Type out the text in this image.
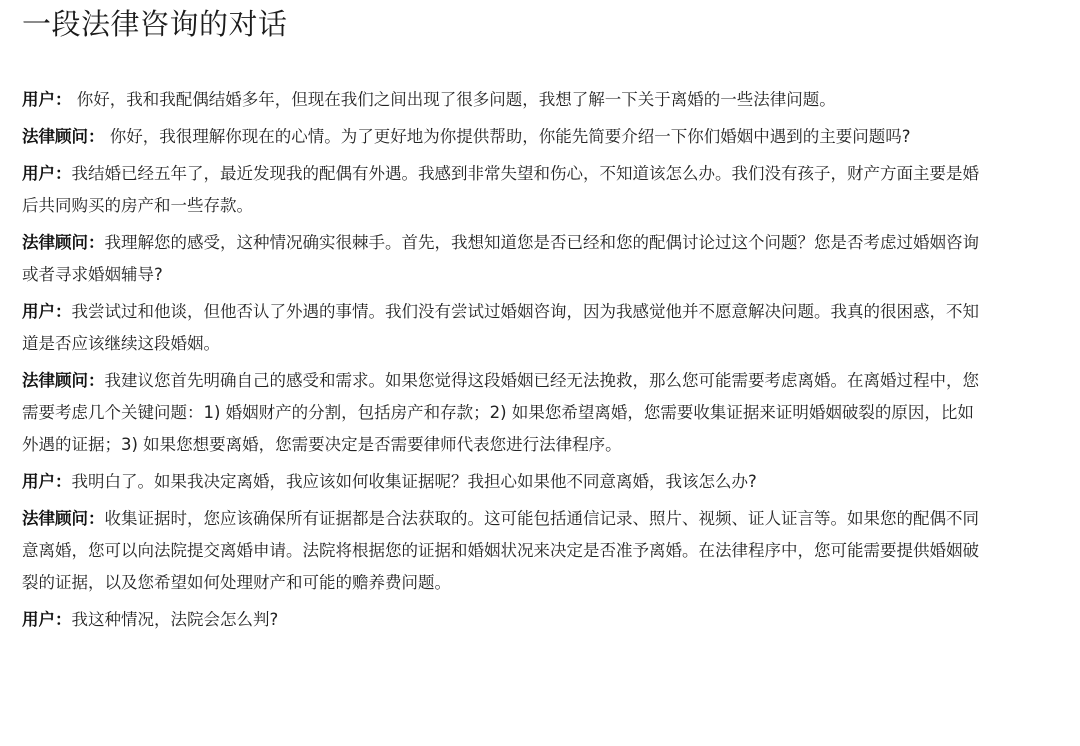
一段法律咨询的对话

用户： 你好，我和我配偶结婚多年，但现在我们之间出现了很多问题，我想了解一下关于离婚的一些法律问题。

法律顾问： 你好，我很理解你现在的心情。为了更好地为你提供帮助，你能先简要介绍一下你们婚姻中遇到的主要问题吗?

用户：我结婚已经五年了，最近发现我的配偶有外遇。我感到非常失望和伤心，不知道该怎么办。我们没有孩子，财产方面主要是婚后共同购买的房产和一些存款。

法律顾问：我理解您的感受，这种情况确实很棘手。首先，我想知道您是否已经和您的配偶讨论过这个问题？您是否考虑过婚姻咨询或者寻求婚姻辅导?

用户：我尝试过和他谈，但他否认了外遇的事情。我们没有尝试过婚姻咨询，因为我感觉他并不愿意解决问题。我真的很困惑，不知道是否应该继续这段婚姻。

法律顾问：我建议您首先明确自己的感受和需求。如果您觉得这段婚姻已经无法挽救，那么您可能需要考虑离婚。在离婚过程中，您需要考虑几个关键问题：1) 婚姻财产的分割，包括房产和存款；2) 如果您希望离婚，您需要收集证据来证明婚姻破裂的原因，比如外遇的证据；3) 如果您想要离婚，您需要决定是否需要律师代表您进行法律程序。

用户：我明白了。如果我决定离婚，我应该如何收集证据呢？我担心如果他不同意离婚，我该怎么办?

法律顾问：收集证据时，您应该确保所有证据都是合法获取的。这可能包括通信记录、照片、视频、证人证言等。如果您的配偶不同意离婚，您可以向法院提交离婚申请。法院将根据您的证据和婚姻状况来决定是否准予离婚。在法律程序中，您可能需要提供婚姻破裂的证据，以及您希望如何处理财产和可能的赡养费问题。

用户：我这种情况，法院会怎么判?
